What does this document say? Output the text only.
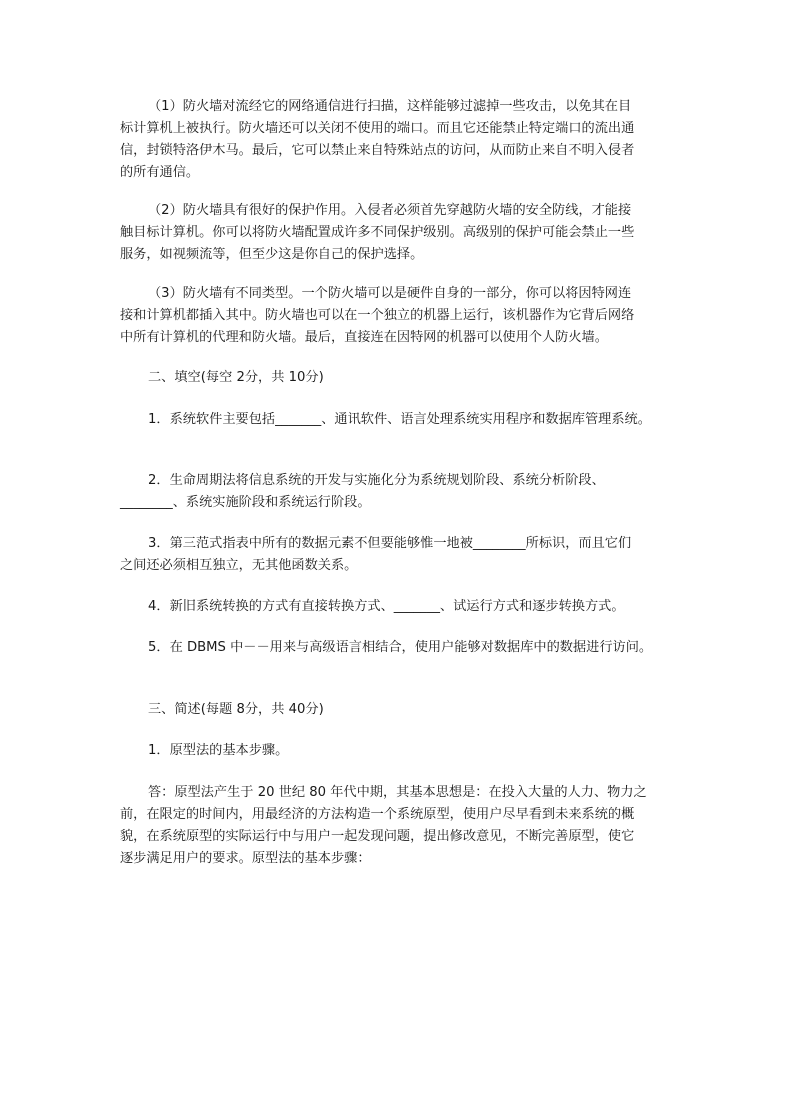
（1）防火墙对流经它的网络通信进行扫描，这样能够过滤掉一些攻击，以免其在目
标计算机上被执行。防火墙还可以关闭不使用的端口。而且它还能禁止特定端口的流出通
信，封锁特洛伊木马。最后，它可以禁止来自特殊站点的访问，从而防止来自不明入侵者
的所有通信。
（2）防火墙具有很好的保护作用。入侵者必须首先穿越防火墙的安全防线，才能接
触目标计算机。你可以将防火墙配置成许多不同保护级别。高级别的保护可能会禁止一些
服务，如视频流等，但至少这是你自己的保护选择。
（3）防火墙有不同类型。一个防火墙可以是硬件自身的一部分，你可以将因特网连
接和计算机都插入其中。防火墙也可以在一个独立的机器上运行，该机器作为它背后网络
中所有计算机的代理和防火墙。最后，直接连在因特网的机器可以使用个人防火墙。
二、填空(每空 2分，共 10分)
1．系统软件主要包括_______、通讯软件、语言处理系统实用程序和数据库管理系统。
2．生命周期法将信息系统的开发与实施化分为系统规划阶段、系统分析阶段、
________、系统实施阶段和系统运行阶段。
3．第三范式指表中所有的数据元素不但要能够惟一地被________所标识，而且它们
之间还必须相互独立，无其他函数关系。
4．新旧系统转换的方式有直接转换方式、_______、试运行方式和逐步转换方式。
5．在 DBMS 中－－用来与高级语言相结合，使用户能够对数据库中的数据进行访问。
三、简述(每题 8分，共 40分)
1．原型法的基本步骤。
答：原型法产生于 20 世纪 80 年代中期，其基本思想是：在投入大量的人力、物力之
前，在限定的时间内，用最经济的方法构造一个系统原型，使用户尽早看到未来系统的概
貌，在系统原型的实际运行中与用户一起发现问题，提出修改意见，不断完善原型，使它
逐步满足用户的要求。原型法的基本步骤：
